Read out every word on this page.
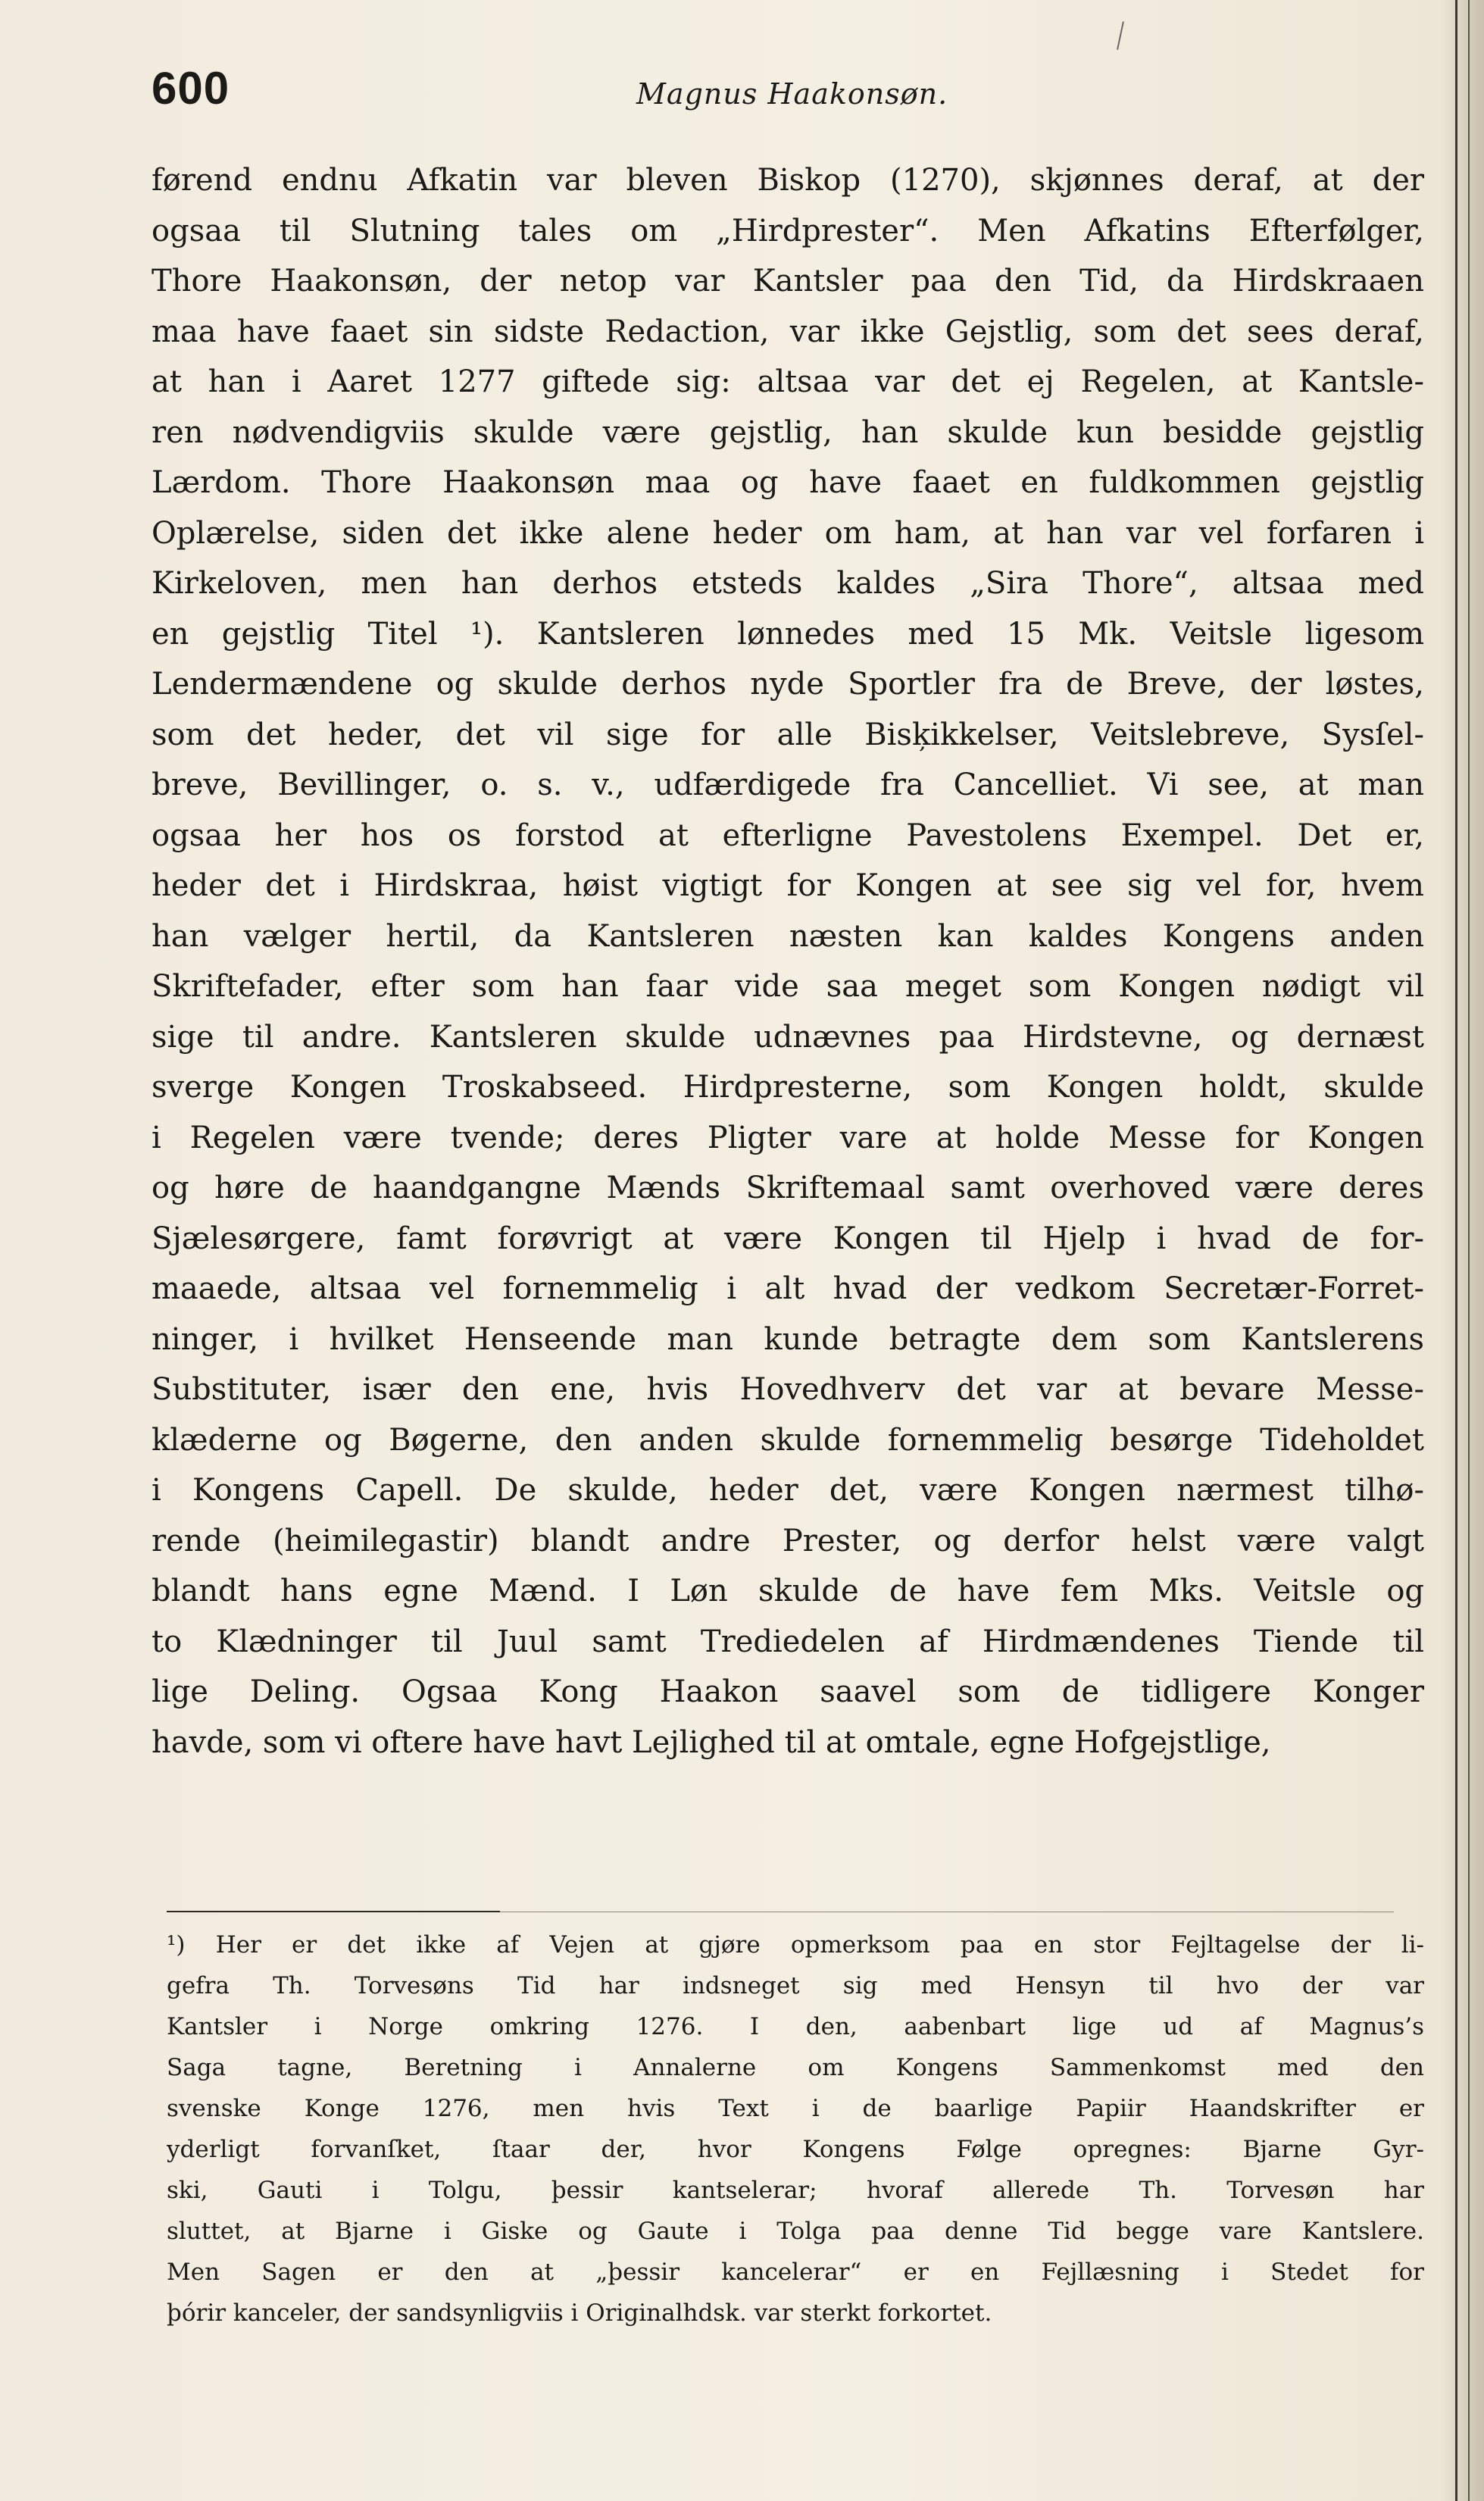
600	Magnus Haakonsøn.
førend endnu Afkatin var bleven Biskop (1270), skjønnes deraf, at der
ogsaa til Slutning tales om „Hirdprester“. Men Afkatins Efterfølger,
Thore Haakonsøn, der netop var Kantsler paa den Tid, da Hirdskraaen
maa have faaet sin sidste Redaction, var ikke Gejstlig, som det sees deraf,
at han i Aaret 1277 giftede sig: altsaa var det ej Regelen, at Kantsle-
ren nødvendigviis skulde være gejstlig, han skulde kun besidde gejstlig
Lærdom. Thore Haakonsøn maa og have faaet en fuldkommen gejstlig
Oplærelse, siden det ikke alene heder om ham, at han var vel forfaren i
Kirkeloven, men han derhos etsteds kaldes „Sira Thore“, altsaa med
en gejstlig Titel ¹). Kantsleren lønnedes med 15 Mk. Veitsle ligesom
Lendermændene og skulde derhos nyde Sportler fra de Breve, der løstes,
som det heder, det vil sige for alle Bisķikkelser, Veitslebreve, Sysſel-
breve, Bevillinger, o. s. v., udfærdigede fra Cancelliet. Vi see, at man
ogsaa her hos os forstod at efterligne Pavestolens Exempel. Det er,
heder det i Hirdskraa, høist vigtigt for Kongen at see sig vel for, hvem
han vælger hertil, da Kantsleren næsten kan kaldes Kongens anden
Skriftefader, efter som han faar vide saa meget som Kongen nødigt vil
sige til andre. Kantsleren skulde udnævnes paa Hirdstevne, og dernæst
sverge Kongen Troskabseed. Hirdpresterne, som Kongen holdt, skulde
i Regelen være tvende; deres Pligter vare at holde Messe for Kongen
og høre de haandgangne Mænds Skriftemaal samt overhoved være deres
Sjælesørgere, famt forøvrigt at være Kongen til Hjelp i hvad de for-
maaede, altsaa vel fornemmelig i alt hvad der vedkom Secretær-Forret-
ninger, i hvilket Henseende man kunde betragte dem som Kantslerens
Substituter, især den ene, hvis Hovedhverv det var at bevare Messe-
klæderne og Bøgerne, den anden skulde fornemmelig besørge Tideholdet
i Kongens Capell. De skulde, heder det, være Kongen nærmest tilhø-
rende (heimilegastir) blandt andre Prester, og derfor helst være valgt
blandt hans egne Mænd. I Løn skulde de have fem Mks. Veitsle og
to Klædninger til Juul samt Trediedelen af Hirdmændenes Tiende til
lige Deling. Ogsaa Kong Haakon saavel som de tidligere Konger
havde, som vi oftere have havt Lejlighed til at omtale, egne Hofgejstlige,
¹) Her er det ikke af Vejen at gjøre opmerksom paa en stor Fejltagelse der li-
gefra Th. Torvesøns Tid har indsneget sig med Hensyn til hvo der var
Kantsler i Norge omkring 1276. I den, aabenbart lige ud af Magnus’s
Saga tagne, Beretning i Annalerne om Kongens Sammenkomst med den
svenske Konge 1276, men hvis Text i de baarlige Papiir Haandskrifter er
yderligt forvanſket, ſtaar der, hvor Kongens Følge opregnes: Bjarne Gyr-
ski, Gauti i Tolgu, þessir kantselerar; hvoraf allerede Th. Torvesøn har
sluttet, at Bjarne i Giske og Gaute i Tolga paa denne Tid begge vare Kantslere.
Men Sagen er den at „þessir kancelerar“ er en Fejllæsning i Stedet for
þórir kanceler, der sandsynligviis i Originalhdsk. var sterkt forkortet.
